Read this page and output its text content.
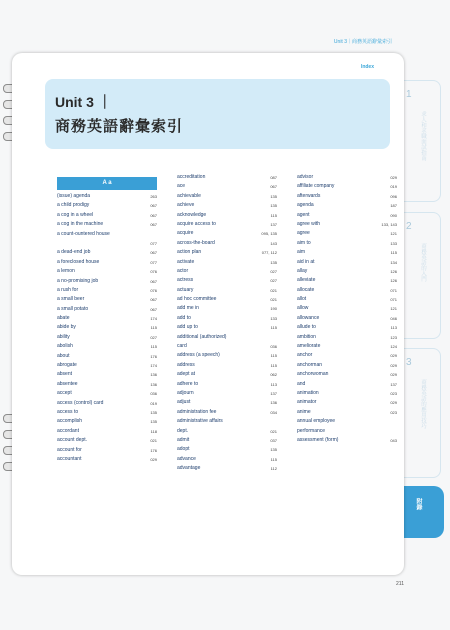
Unit 3｜商務英語辭彙索引
1
求人和求職面試指南
2
商務英語的入門
3
商務英語的應用技巧
附錄
Index
Unit 3 ｜
商務英語辭彙索引
A a
(issue) agenda	263
a child prodigy	067
a cog in a wheel	067
a cog in the machine	067
a count-ountered house
077
a dead-end job	067
a foreclosed house	077
a lemon	076
a no-promising job	067
a rush for	076
a small beer	067
a small potato	067
abate	174
abide by	115
ability	027
abolish	115
about	176
abrogate	174
absent	136
absentee	136
accept	036
access (control) card	019
access to	135
accomplish	135
accordant	118
account dept.	021
account for	176
accountant	029
accreditation	087
ace	067
achievable	135
achieve	135
acknowledge	115
acquire access to	137
acquire	095, 135
across-the-board	143
action plan	077, 112
activate	135
actor	027
actress	027
actuary	021
ad hoc committee	021
add me in	190
add to	133
add up to	115
additional (authorized)
card	036
address (a speech)	115
address	115
adept at	062
adhere to	113
adjourn	137
adjust	136
administration fee	034
administrative affairs
dept.	021
admit	037
adopt	135
advance	115
advantage	112
advisor	029
affiliate company	019
afterwards	096
agenda	187
agent	090
agree with	133, 143
agree	121
aim to	133
aim	115
aid in at	134
allay	126
alleviate	126
allocate	071
allot	071
allow	121
allowance	046
allude to	113
ambition	123
ameliorate	124
anchor	029
anchorman	029
anchorwoman	029
and	137
animation	023
animator	029
anime	023
annual employee
performance
assessment (form)	043
211
